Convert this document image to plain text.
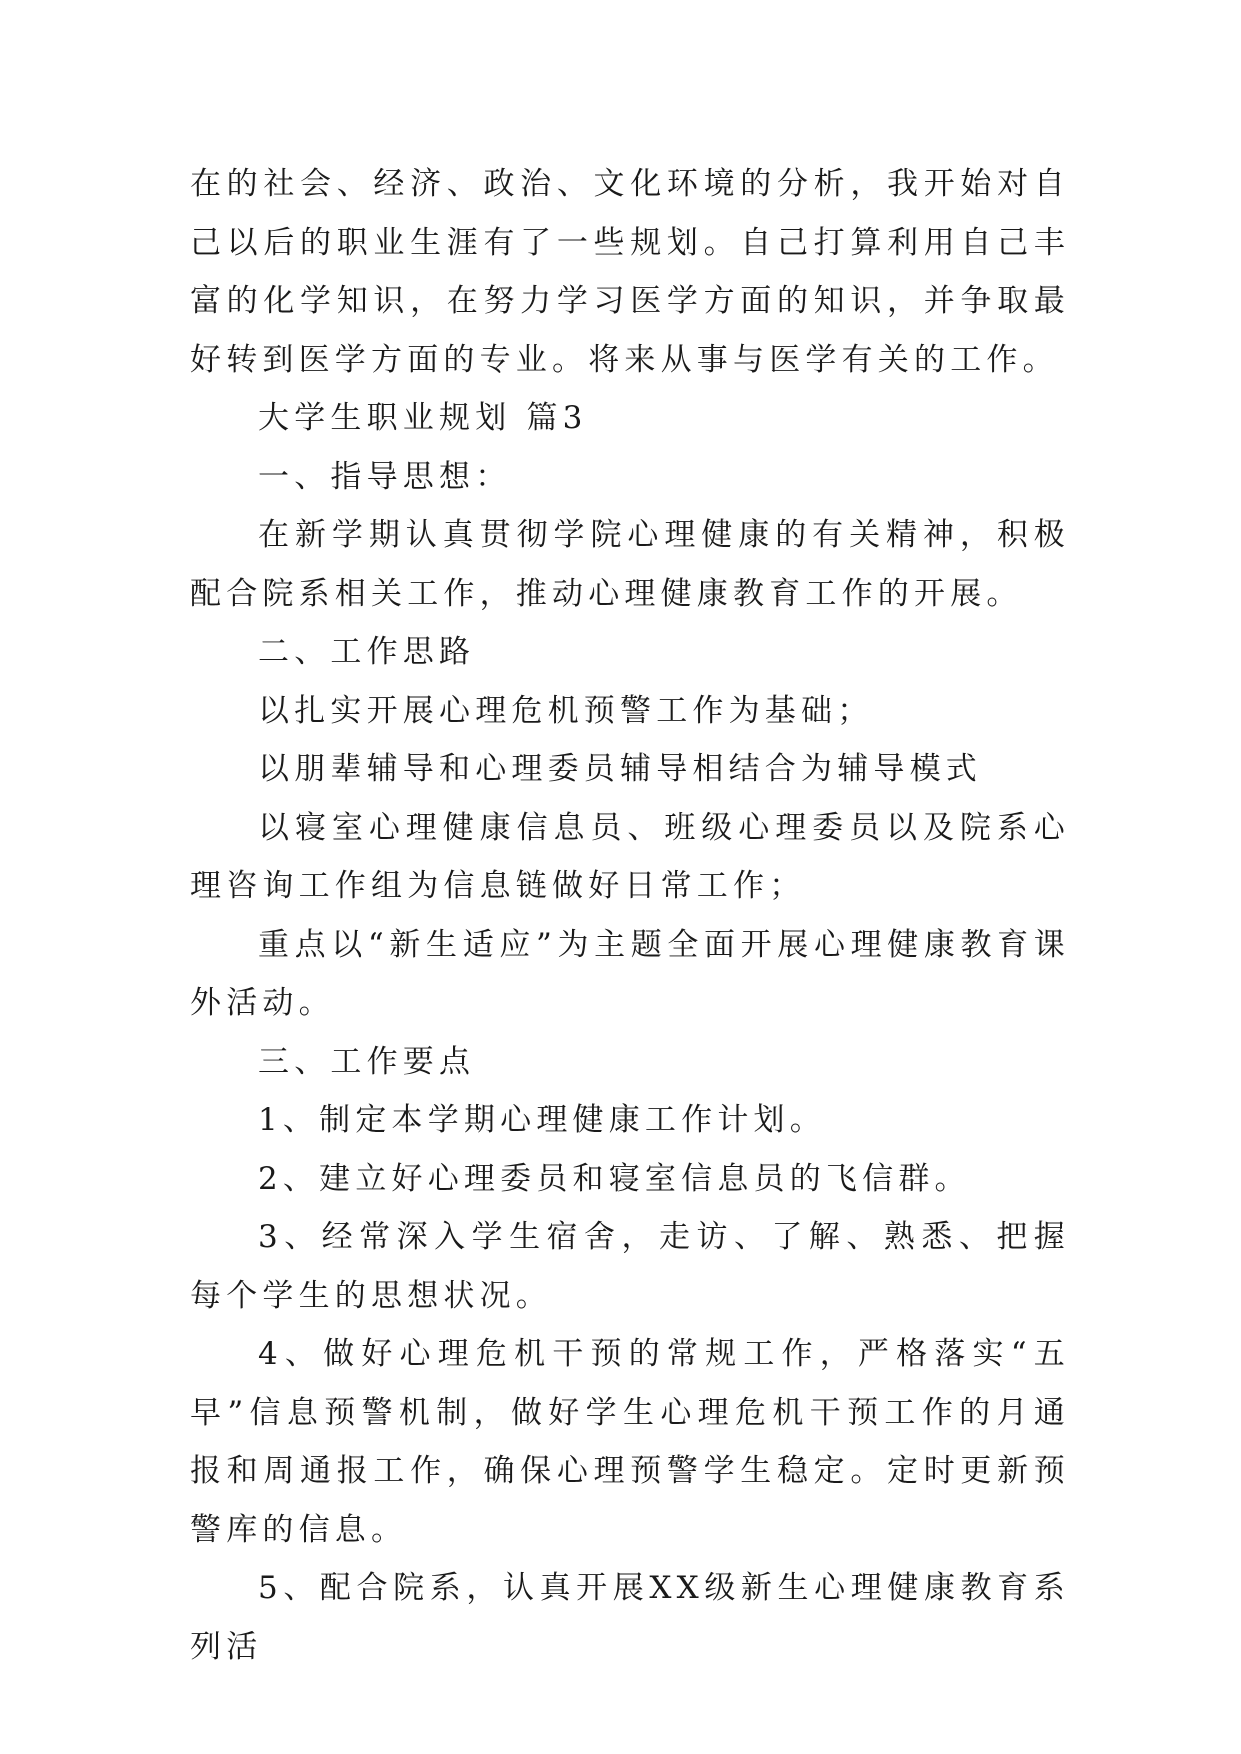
在的社会、经济、政治、文化环境的分析，我开始对自己以后的职业生涯有了一些规划。自己打算利用自己丰富的化学知识，在努力学习医学方面的知识，并争取最好转到医学方面的专业。将来从事与医学有关的工作。

大学生职业规划 篇3

一、指导思想：

在新学期认真贯彻学院心理健康的有关精神，积极配合院系相关工作，推动心理健康教育工作的开展。

二、工作思路

以扎实开展心理危机预警工作为基础；

以朋辈辅导和心理委员辅导相结合为辅导模式

以寝室心理健康信息员、班级心理委员以及院系心理咨询工作组为信息链做好日常工作；

重点以“新生适应”为主题全面开展心理健康教育课外活动。

三、工作要点

1、制定本学期心理健康工作计划。

2、建立好心理委员和寝室信息员的飞信群。

3、经常深入学生宿舍，走访、了解、熟悉、把握每个学生的思想状况。

4、做好心理危机干预的常规工作，严格落实“五早”信息预警机制，做好学生心理危机干预工作的月通报和周通报工作，确保心理预警学生稳定。定时更新预警库的信息。

5、配合院系，认真开展XX级新生心理健康教育系列活
